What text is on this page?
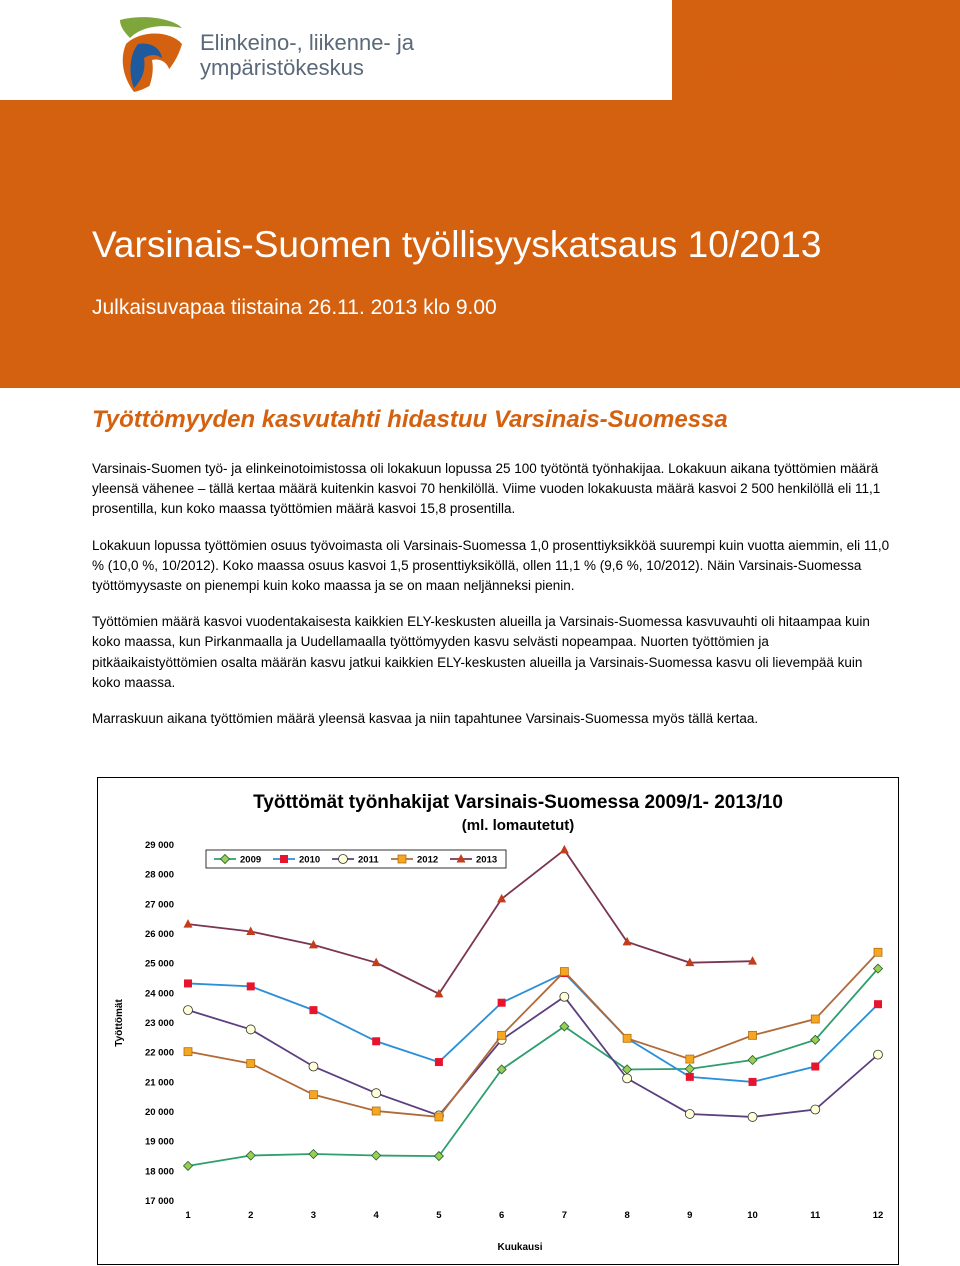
Elinkeino-, liikenne- ja
ympäristökeskus	VARSINAIS-SUOMEN ELY-KESKUS
Varsinais-Suomen työllisyyskatsaus 10/2013
Julkaisuvapaa tiistaina 26.11. 2013 klo 9.00
Työttömyyden kasvutahti hidastuu Varsinais-Suomessa

Varsinais-Suomen työ- ja elinkeinotoimistossa oli lokakuun lopussa 25 100 työtöntä työnhakijaa. Lokakuun aikana työttömien määrä yleensä vähenee – tällä kertaa määrä kuitenkin kasvoi 70 henkilöllä. Viime vuoden lokakuusta määrä kasvoi 2 500 henkilöllä eli 11,1 prosentilla, kun koko maassa työttömien määrä kasvoi 15,8 prosentilla.

Lokakuun lopussa työttömien osuus työvoimasta oli Varsinais-Suomessa 1,0 prosenttiyksikköä suurempi kuin vuotta aiemmin, eli 11,0 % (10,0 %, 10/2012). Koko maassa osuus kasvoi 1,5 prosenttiyksiköllä, ollen 11,1 % (9,6 %, 10/2012). Näin Varsinais-Suomessa työttömyysaste on pienempi kuin koko maassa ja se on maan neljänneksi pienin.

Työttömien määrä kasvoi vuodentakaisesta kaikkien ELY-keskusten alueilla ja Varsinais-Suomessa kasvuvauhti oli hitaampaa kuin koko maassa, kun Pirkanmaalla ja Uudellamaalla työttömyyden kasvu selvästi nopeampaa. Nuorten työttömien ja pitkäaikaistyöttömien osalta määrän kasvu jatkui kaikkien ELY-keskusten alueilla ja Varsinais-Suomessa kasvu oli lievempää kuin koko maassa.

Marraskuun aikana työttömien määrä yleensä kasvaa ja niin tapahtunee Varsinais-Suomessa myös tällä kertaa.

Työttömät työnhakijat Varsinais-Suomessa 2009/1- 2013/10
(ml. lomautetut)
Työttömät
Kuukausi
17 000
18 000
19 000
20 000
21 000
22 000
23 000
24 000
25 000
26 000
27 000
28 000
29 000
1	2	3	4	5	6	7	8	9	10	11	12
2009	2010	2011	2012	2013
